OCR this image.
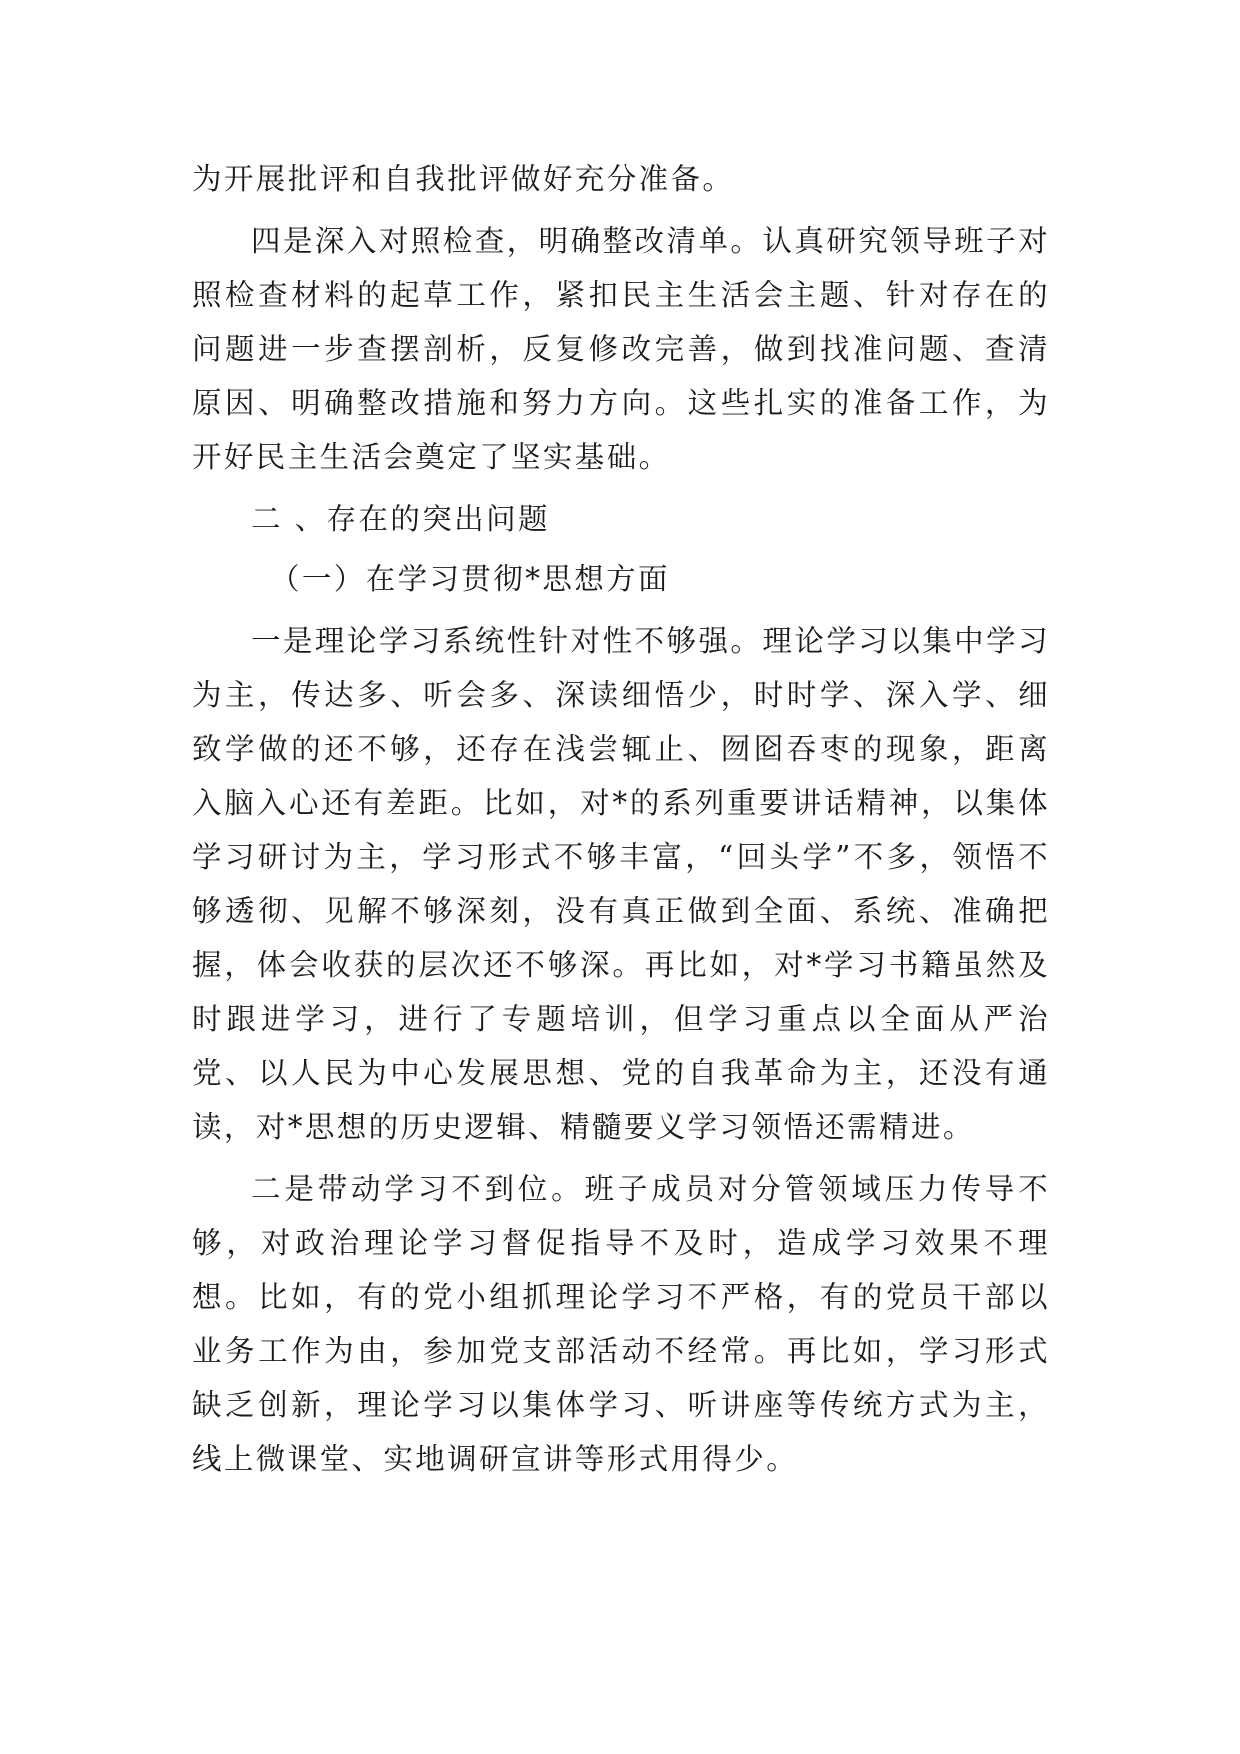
为开展批评和自我批评做好充分准备。

四是深入对照检查，明确整改清单。认真研究领导班子对照检查材料的起草工作，紧扣民主生活会主题、针对存在的问题进一步查摆剖析，反复修改完善，做到找准问题、查清原因、明确整改措施和努力方向。这些扎实的准备工作，为开好民主生活会奠定了坚实基础。

二 、存在的突出问题

（一）在学习贯彻*思想方面

一是理论学习系统性针对性不够强。理论学习以集中学习为主，传达多、听会多、深读细悟少，时时学、深入学、细致学做的还不够，还存在浅尝辄止、囫囵吞枣的现象，距离入脑入心还有差距。比如，对*的系列重要讲话精神，以集体学习研讨为主，学习形式不够丰富，“回头学”不多，领悟不够透彻、见解不够深刻，没有真正做到全面、系统、准确把握，体会收获的层次还不够深。再比如，对*学习书籍虽然及时跟进学习，进行了专题培训，但学习重点以全面从严治党、以人民为中心发展思想、党的自我革命为主，还没有通读，对*思想的历史逻辑、精髓要义学习领悟还需精进。

二是带动学习不到位。班子成员对分管领域压力传导不够，对政治理论学习督促指导不及时，造成学习效果不理想。比如，有的党小组抓理论学习不严格，有的党员干部以业务工作为由，参加党支部活动不经常。再比如，学习形式缺乏创新，理论学习以集体学习、听讲座等传统方式为主，线上微课堂、实地调研宣讲等形式用得少。
